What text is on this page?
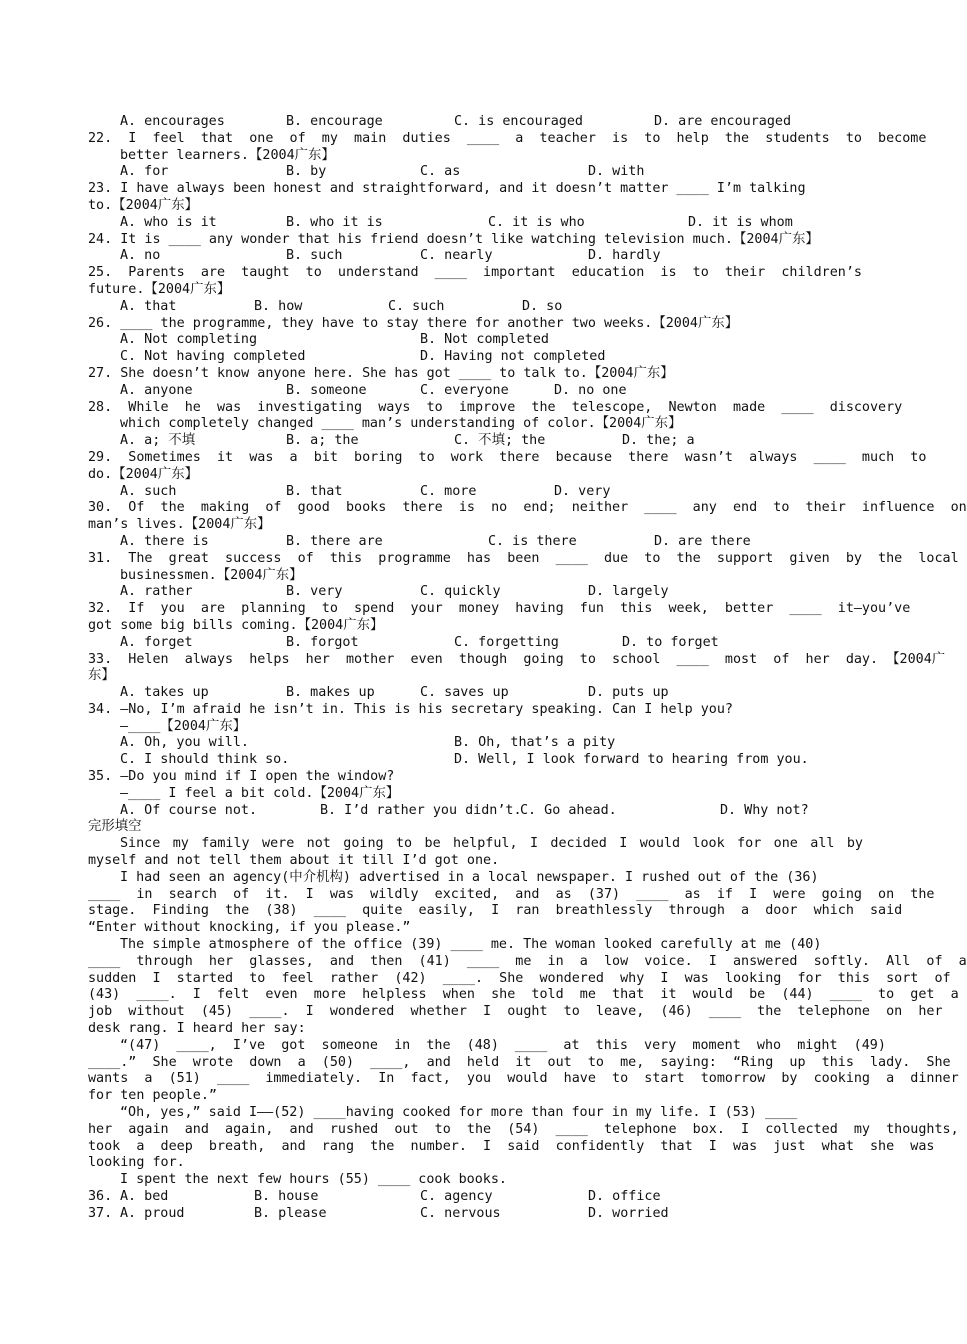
A. encourages

	B. encourage

	C. is encouraged

	D. are encouraged

22.  I  feel  that  one  of  my  main  duties  ____  a  teacher  is  to  help  the  students  to  become
better learners.【2004广东】

A. for

	B. by

	C. as

	D. with

23. I have always been honest and straightforward, and it doesn’t matter ____ I’m talking
to.【2004广东】

A. who is it

	B. who it is

	C. it is who

	D. it is whom

24. It is ____ any wonder that his friend doesn’t like watching television much.【2004广东】

A. no

	B. such

	C. nearly

	D. hardly

25.  Parents  are  taught  to  understand  ____  important  education  is  to  their  children’s
future.【2004广东】

A. that

	B. how

	C. such

	D. so

26. ____ the programme, they have to stay there for another two weeks.【2004广东】

A. Not completing

	B. Not completed

C. Not having completed

	D. Having not completed

27. She doesn’t know anyone here. She has got ____ to talk to.【2004广东】

A. anyone

	B. someone

	C. everyone

	D. no one

28.  While  he  was  investigating  ways  to  improve  the  telescope,  Newton  made  ____  discovery
which completely changed ____ man’s understanding of color.【2004广东】

A. a; 不填

	B. a; the

	C. 不填; the

	D. the; a

29.  Sometimes  it  was  a  bit  boring  to  work  there  because  there  wasn’t  always  ____  much  to
do.【2004广东】

A. such

	B. that

	C. more

	D. very

30.  Of  the  making  of  good  books  there  is  no  end;  neither  ____  any  end  to  their  influence  on
man’s lives.【2004广东】

A. there is

	B. there are

	C. is there

	D. are there

31.  The  great  success  of  this  programme  has  been  ____  due  to  the  support  given  by  the  local
businessmen.【2004广东】

A. rather

	B. very

	C. quickly

	D. largely

32.  If  you  are  planning  to  spend  your  money  having  fun  this  week,  better  ____  it—you’ve
got some big bills coming.【2004广东】

A. forget

	B. forgot

	C. forgetting

	D. to forget

33.  Helen  always  helps  her  mother  even  though  going  to  school  ____  most  of  her  day. 【2004广
东】

A. takes up

	B. makes up

	C. saves up

	D. puts up

34. —No, I’m afraid he isn’t in. This is his secretary speaking. Can I help you?
—____【2004广东】

A. Oh, you will.

	B. Oh, that’s a pity

C. I should think so.

	D. Well, I look forward to hearing from you.

35. —Do you mind if I open the window?
—____ I feel a bit cold.【2004广东】

A. Of course not.

	B. I’d rather you didn’t.

C. Go ahead.

	D. Why not?

完形填空
Since my family were not going to be helpful, I decided I would look for one all by
myself and not tell them about it till I’d got one.
I had seen an agency(中介机构) advertised in a local newspaper. I rushed out of the (36)
____  in  search  of  it.  I  was  wildly  excited,  and  as  (37)  ____  as  if  I  were  going  on  the
stage.  Finding  the  (38)  ____  quite  easily,  I  ran  breathlessly  through  a  door  which  said
“Enter without knocking, if you please.”
The simple atmosphere of the office (39) ____ me. The woman looked carefully at me (40)
____  through  her  glasses,  and  then  (41)  ____  me  in  a  low  voice.  I  answered  softly.  All  of  a
sudden  I  started  to  feel  rather  (42)  ____.  She  wondered  why  I  was  looking  for  this  sort  of
(43)  ____.  I  felt  even  more  helpless  when  she  told  me  that  it  would  be  (44)  ____  to  get  a
job  without  (45)  ____.  I  wondered  whether  I  ought  to  leave,  (46)  ____  the  telephone  on  her
desk rang. I heard her say:
“(47)  ____,  I’ve  got  someone  in  the  (48)  ____  at  this  very  moment  who  might  (49)
____.”  She  wrote  down  a  (50)  ____,  and  held  it  out  to  me,  saying:  “Ring  up  this  lady.  She
wants  a  (51)  ____  immediately.  In  fact,  you  would  have  to  start  tomorrow  by  cooking  a  dinner
for ten people.”
“Oh, yes,” said I——(52) ____having cooked for more than four in my life. I (53) ____
her  again  and  again,  and  rushed  out  to  the  (54)  ____  telephone  box.  I  collected  my  thoughts,
took  a  deep  breath,  and  rang  the  number.  I  said  confidently  that  I  was  just  what  she  was
looking for.
I spent the next few hours (55) ____ cook books.

36.

A. bed

	B. house

	C. agency

	D. office

37.

A. proud

	B. please

	C. nervous

	D. worried
